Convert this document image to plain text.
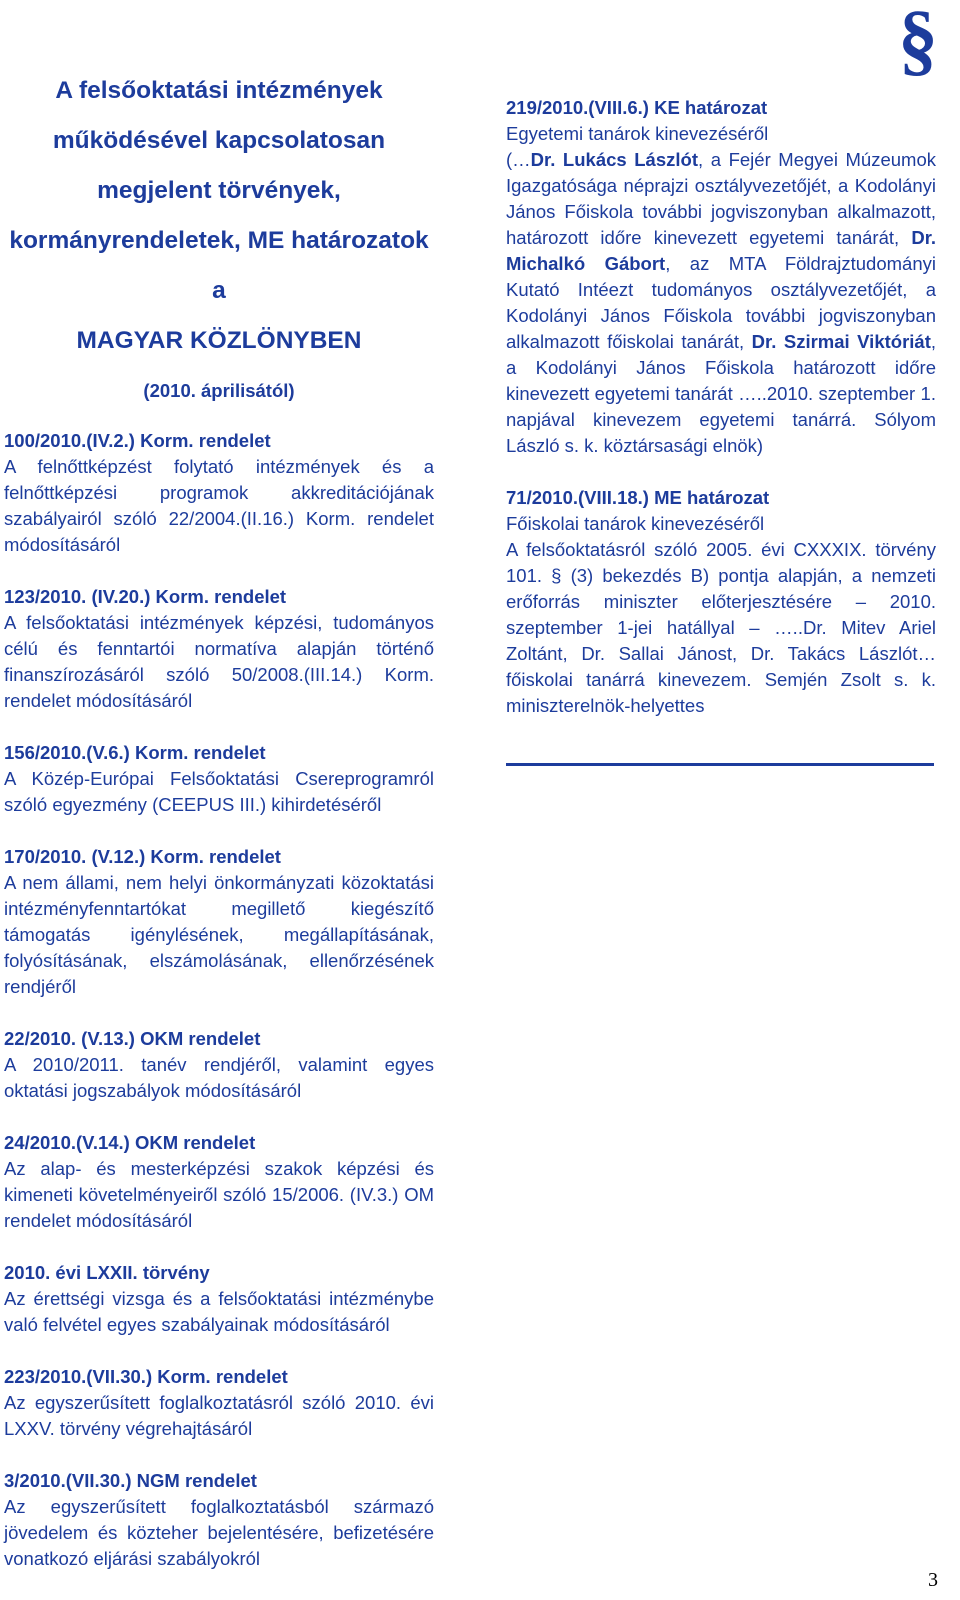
§
A felsőoktatási intézmények
működésével kapcsolatosan
megjelent törvények,
kormányrendeletek, ME határozatok a
MAGYAR KÖZLÖNYBEN
(2010. áprilisától)
100/2010.(IV.2.) Korm. rendelet
A felnőttképzést folytató intézmények és a felnőttképzési programok akkreditációjának szabályairól szóló 22/2004.(II.16.) Korm. rendelet módosításáról
123/2010. (IV.20.) Korm. rendelet
A felsőoktatási intézmények képzési, tudományos célú és fenntartói normatíva alapján történő finanszírozásáról szóló 50/2008.(III.14.) Korm. rendelet módosításáról
156/2010.(V.6.) Korm. rendelet
A Közép-Európai Felsőoktatási Csereprogramról szóló egyezmény (CEEPUS III.) kihirdetéséről
170/2010. (V.12.) Korm. rendelet
A nem állami, nem helyi önkormányzati közoktatási intézményfenntartókat megillető kiegészítő támogatás igénylésének, megállapításának, folyósításának, elszámolásának, ellenőrzésének rendjéről
22/2010. (V.13.) OKM rendelet
A 2010/2011. tanév rendjéről, valamint egyes oktatási jogszabályok módosításáról
24/2010.(V.14.) OKM rendelet
Az alap- és mesterképzési szakok képzési és kimeneti követelményeiről szóló 15/2006. (IV.3.) OM rendelet módosításáról
2010. évi LXXII. törvény
Az érettségi vizsga és a felsőoktatási intézménybe való felvétel egyes szabályainak módosításáról
223/2010.(VII.30.) Korm. rendelet
Az egyszerűsített foglalkoztatásról szóló 2010. évi LXXV. törvény végrehajtásáról
3/2010.(VII.30.) NGM rendelet
Az egyszerűsített foglalkoztatásból származó jövedelem és közteher bejelentésére, befizetésére vonatkozó eljárási szabályokról
219/2010.(VIII.6.) KE határozat
Egyetemi tanárok kinevezéséről
(…Dr. Lukács Lászlót, a Fejér Megyei Múzeumok Igazgatósága néprajzi osztályvezetőjét, a Kodolányi János Főiskola további jogviszonyban alkalmazott, határozott időre kinevezett egyetemi tanárát, Dr. Michalkó Gábort, az MTA Földrajztudományi Kutató Intéezt tudományos osztályvezetőjét, a Kodolányi János Főiskola további jogviszonyban alkalmazott főiskolai tanárát, Dr. Szirmai Viktóriát, a Kodolányi János Főiskola határozott időre kinevezett egyetemi tanárát …..2010. szeptember 1. napjával kinevezem egyetemi tanárrá. Sólyom László s. k. köztársasági elnök)
71/2010.(VIII.18.) ME határozat
Főiskolai tanárok kinevezéséről
A felsőoktatásról szóló 2005. évi CXXXIX. törvény 101. § (3) bekezdés B) pontja alapján, a nemzeti erőforrás miniszter előterjesztésére – 2010. szeptember 1-jei hatállyal – …..Dr. Mitev Ariel Zoltánt, Dr. Sallai Jánost, Dr. Takács Lászlót… főiskolai tanárrá kinevezem. Semjén Zsolt s. k. miniszterelnök-helyettes
3
